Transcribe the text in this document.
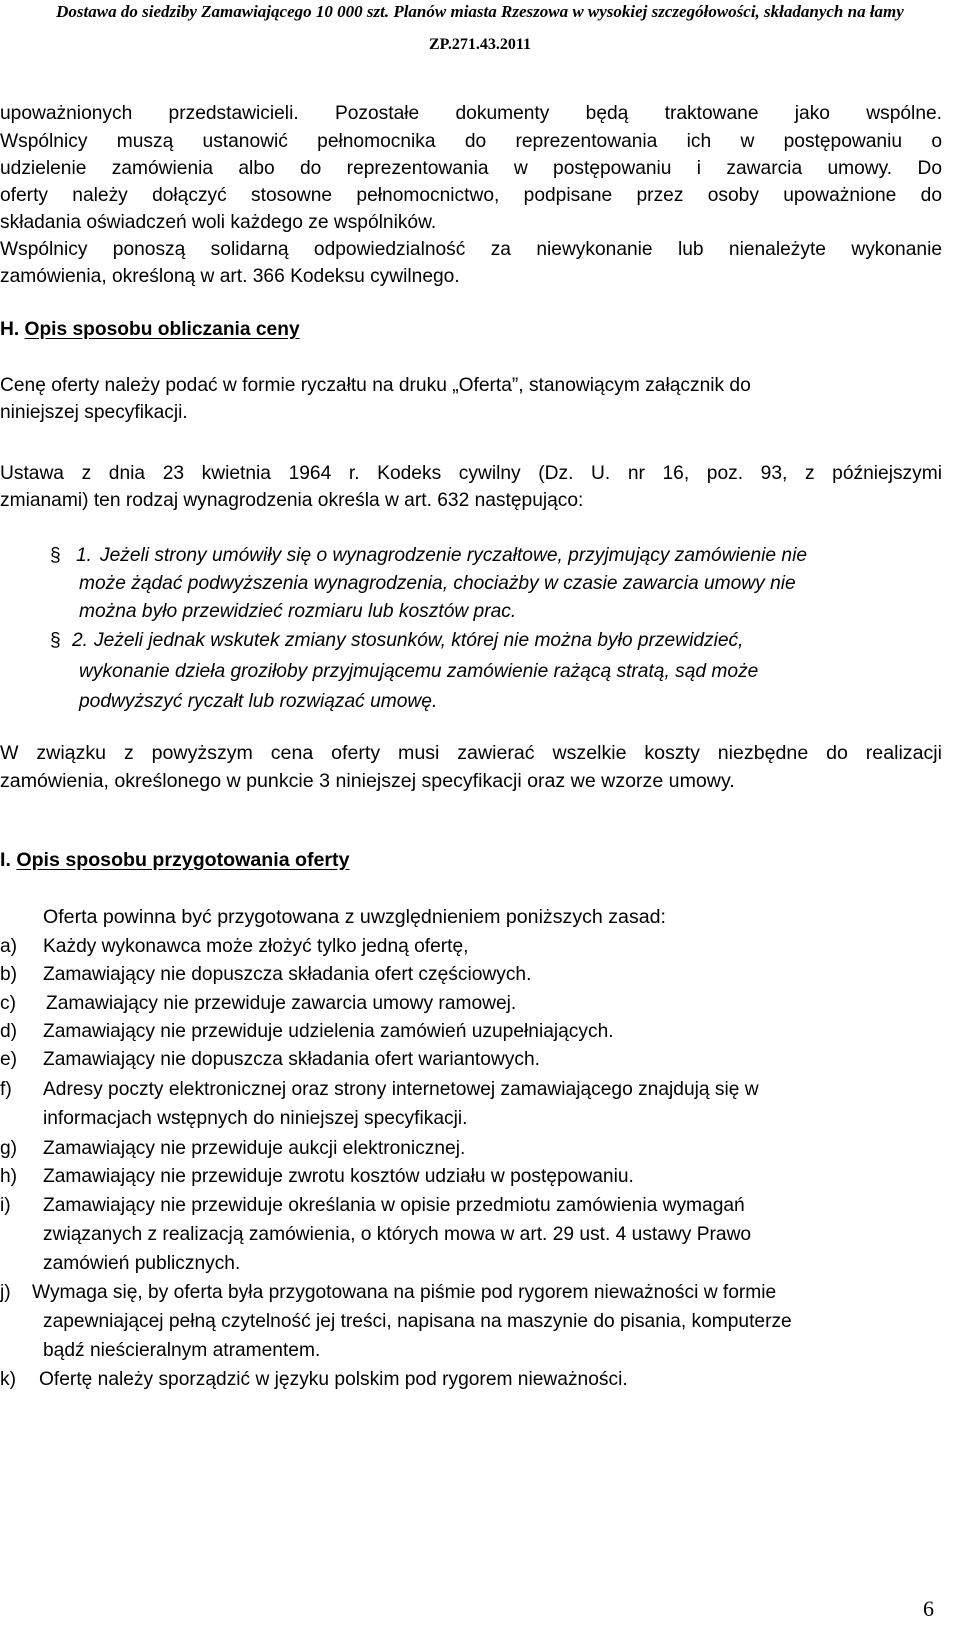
Dostawa do siedziby Zamawiającego 10 000 szt. Planów miasta Rzeszowa w wysokiej szczegółowości, składanych na łamy
ZP.271.43.2011
upoważnionych przedstawicieli. Pozostałe dokumenty będą traktowane jako wspólne.
Wspólnicy muszą ustanowić pełnomocnika do reprezentowania ich w postępowaniu o
udzielenie zamówienia albo do reprezentowania w postępowaniu i zawarcia umowy. Do
oferty należy dołączyć stosowne pełnomocnictwo, podpisane przez osoby upoważnione do
składania oświadczeń woli każdego ze wspólników.
Wspólnicy ponoszą solidarną odpowiedzialność za niewykonanie lub nienależyte wykonanie
zamówienia, określoną w art. 366 Kodeksu cywilnego.
H. Opis sposobu obliczania ceny
Cenę oferty należy podać w formie ryczałtu na druku „Oferta”, stanowiącym załącznik do
niniejszej specyfikacji.
Ustawa z dnia 23 kwietnia 1964 r. Kodeks cywilny (Dz. U. nr 16, poz. 93, z późniejszymi
zmianami) ten rodzaj wynagrodzenia określa w art. 632 następująco:
§ 1. Jeżeli strony umówiły się o wynagrodzenie ryczałtowe, przyjmujący zamówienie nie
może żądać podwyższenia wynagrodzenia, chociażby w czasie zawarcia umowy nie
można było przewidzieć rozmiaru lub kosztów prac.
§ 2. Jeżeli jednak wskutek zmiany stosunków, której nie można było przewidzieć,
wykonanie dzieła groziłoby przyjmującemu zamówienie rażącą stratą, sąd może
podwyższyć ryczałt lub rozwiązać umowę.
W związku z powyższym cena oferty musi zawierać wszelkie koszty niezbędne do realizacji
zamówienia, określonego w punkcie 3 niniejszej specyfikacji oraz we wzorze umowy.
I. Opis sposobu przygotowania oferty
Oferta powinna być przygotowana z uwzględnieniem poniższych zasad:
a) Każdy wykonawca może złożyć tylko jedną ofertę,
b) Zamawiający nie dopuszcza składania ofert częściowych.
c) Zamawiający nie przewiduje zawarcia umowy ramowej.
d) Zamawiający nie przewiduje udzielenia zamówień uzupełniających.
e) Zamawiający nie dopuszcza składania ofert wariantowych.
f) Adresy poczty elektronicznej oraz strony internetowej zamawiającego znajdują się w
informacjach wstępnych do niniejszej specyfikacji.
g) Zamawiający nie przewiduje aukcji elektronicznej.
h) Zamawiający nie przewiduje zwrotu kosztów udziału w postępowaniu.
i) Zamawiający nie przewiduje określania w opisie przedmiotu zamówienia wymagań
związanych z realizacją zamówienia, o których mowa w art. 29 ust. 4 ustawy Prawo
zamówień publicznych.
j) Wymaga się, by oferta była przygotowana na piśmie pod rygorem nieważności w formie
zapewniającej pełną czytelność jej treści, napisana na maszynie do pisania, komputerze
bądź nieścieralnym atramentem.
k) Ofertę należy sporządzić w języku polskim pod rygorem nieważności.
6
